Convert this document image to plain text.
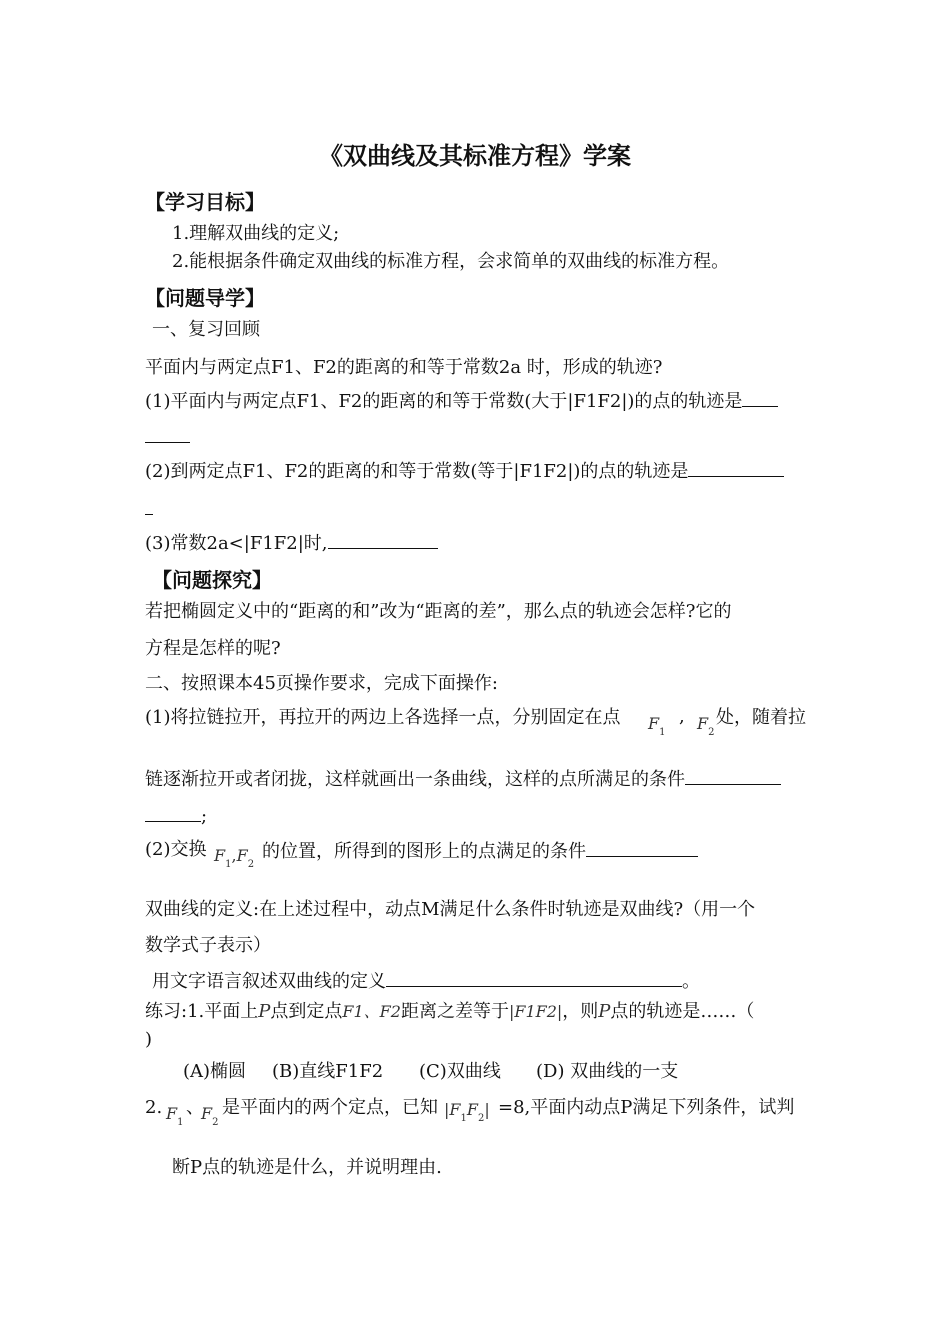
《双曲线及其标准方程》学案
【学习目标】
1.理解双曲线的定义;
2.能根据条件确定双曲线的标准方程，会求简单的双曲线的标准方程。
【问题导学】
一、复习回顾
平面内与两定点F1、F2的距离的和等于常数2a 时，形成的轨迹?
(1)平面内与两定点F1、F2的距离的和等于常数(大于|F1F2|)的点的轨迹是
(2)到两定点F1、F2的距离的和等于常数(等于|F1F2|)的点的轨迹是
(3)常数2a<|F1F2|时,
【问题探究】
若把椭圆定义中的“距离的和”改为“距离的差”，那么点的轨迹会怎样?它的
方程是怎样的呢?
二、按照课本45页操作要求，完成下面操作:
(1)将拉链拉开，再拉开的两边上各选择一点，分别固定在点 $F_1$
, $F_2$
处，随着拉
链逐渐拉开或者闭拢，这样就画出一条曲线，这样的点所满足的条件
;
(2)交换 $F_1,F_2$
的位置，所得到的图形上的点满足的条件
双曲线的定义:在上述过程中，动点M满足什么条件时轨迹是双曲线?（用一个
数学式子表示）
用文字语言叙述双曲线的定义	。
练习:1.平面上P点到定点F1、F2距离之差等于|F1F2|，则P点的轨迹是……（
)
(A)椭圆 (B)直线F1F2 (C)双曲线 (D) 双曲线的一支
2. $F_1$
、
$F_2$
是平面内的两个定点，已知 $|F_1F_2| =8$,平面内动点P满足下列条件，试判
断P点的轨迹是什么，并说明理由.
